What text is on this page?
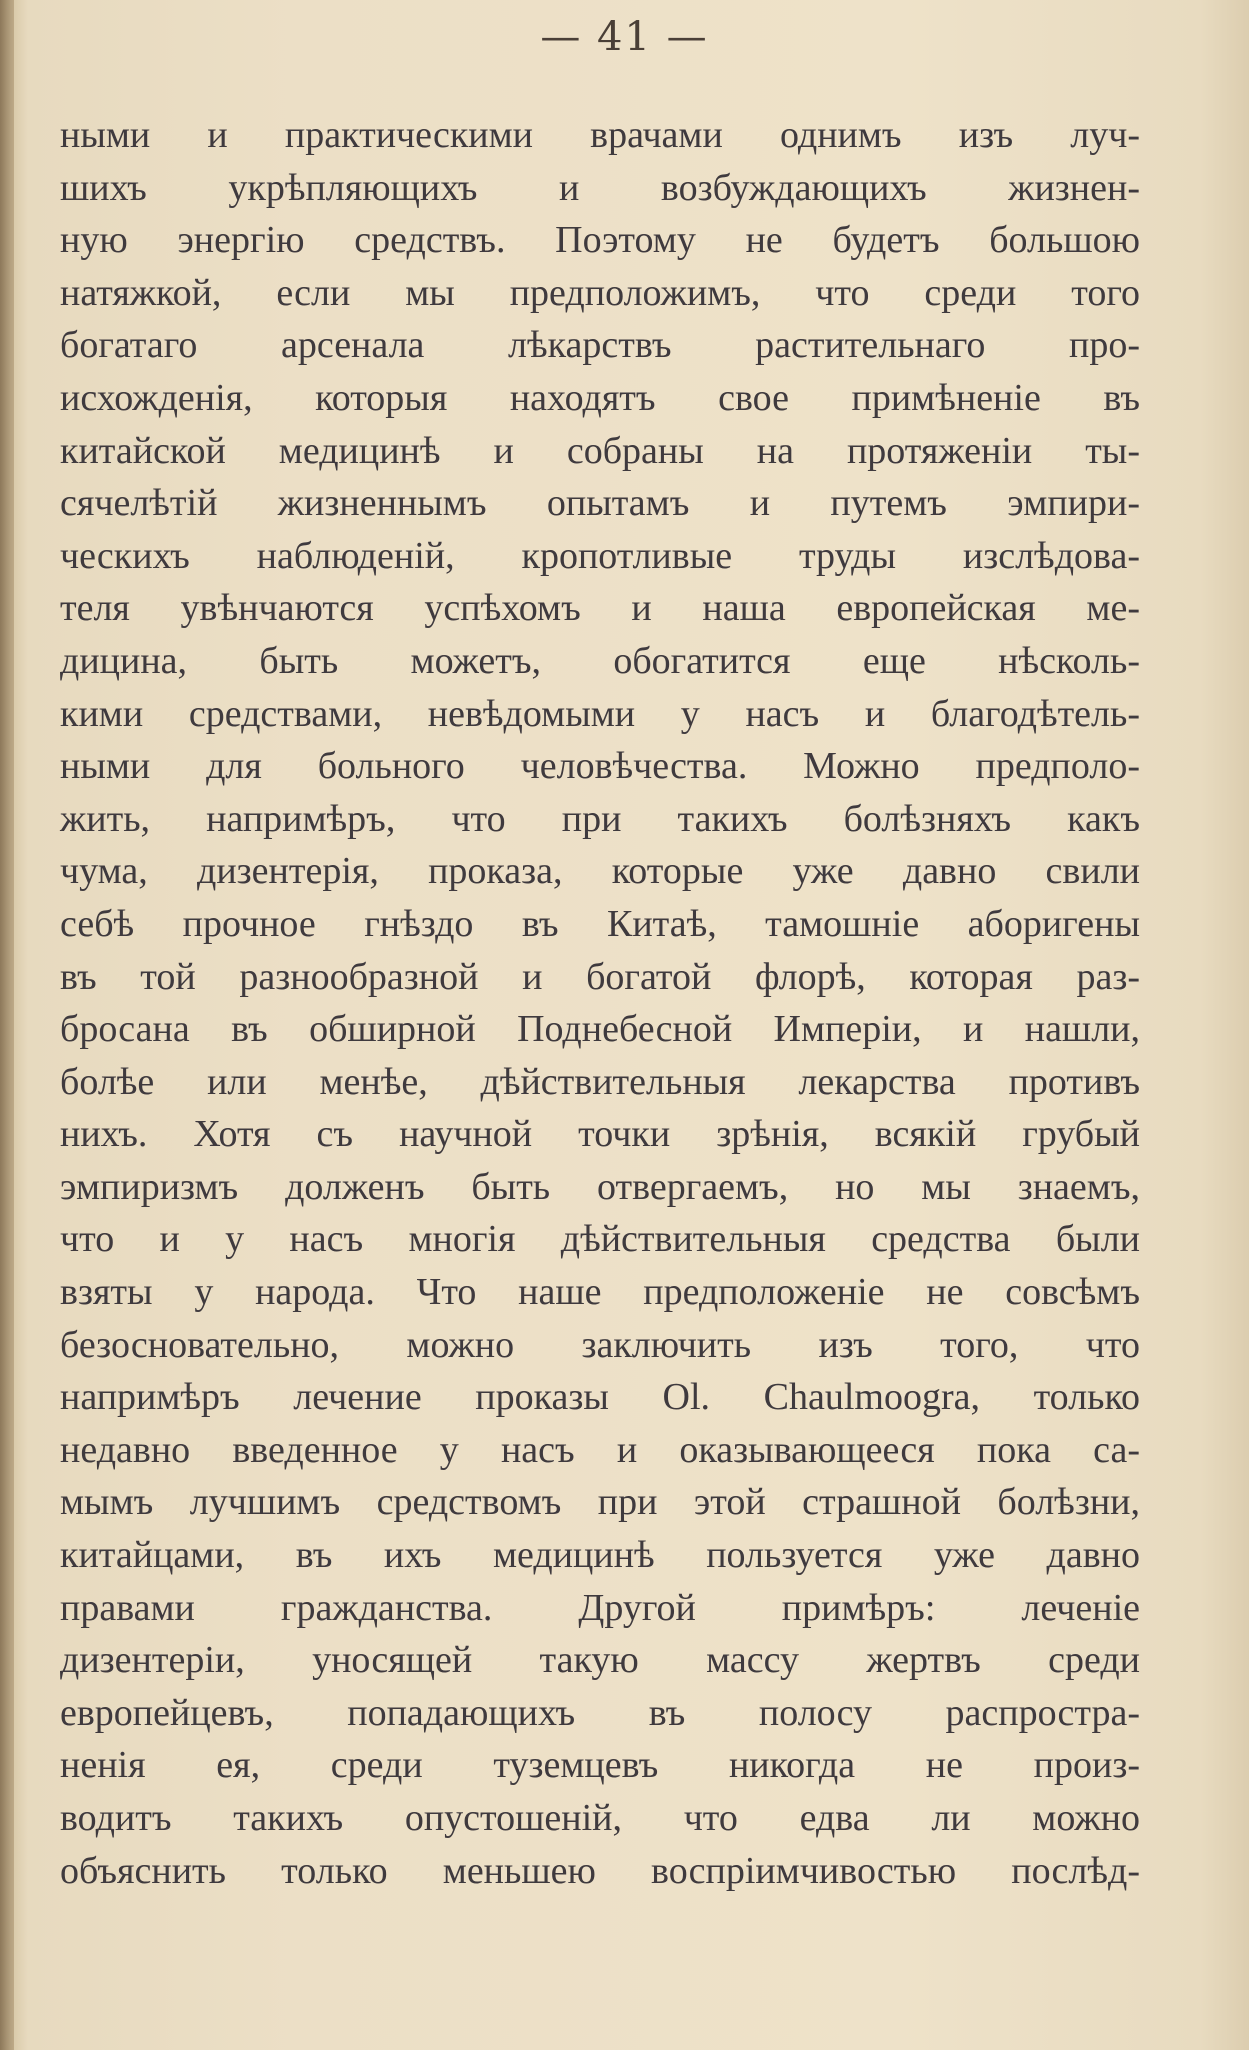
— 41 —
ными и практическими врачами однимъ изъ луч-
шихъ укрѣпляющихъ и возбуждающихъ жизнен-
ную энергію средствъ. Поэтому не будетъ большою
натяжкой, если мы предположимъ, что среди того
богатаго арсенала лѣкарствъ растительнаго про-
исхожденія, которыя находятъ свое примѣненіе въ
китайской медицинѣ и собраны на протяженіи ты-
сячелѣтій жизненнымъ опытамъ и путемъ эмпири-
ческихъ наблюденій, кропотливые труды изслѣдова-
теля увѣнчаются успѣхомъ и наша европейская ме-
дицина, быть можетъ, обогатится еще нѣсколь-
кими средствами, невѣдомыми у насъ и благодѣтель-
ными для больного человѣчества. Можно предполо-
жить, напримѣръ, что при такихъ болѣзняхъ какъ
чума, дизентерія, проказа, которые уже давно свили
себѣ прочное гнѣздо въ Китаѣ, тамошніе аборигены
въ той разнообразной и богатой флорѣ, которая раз-
бросана въ обширной Поднебесной Имперіи, и нашли,
болѣе или менѣе, дѣйствительныя лекарства противъ
нихъ. Хотя съ научной точки зрѣнія, всякій грубый
эмпиризмъ долженъ быть отвергаемъ, но мы знаемъ,
что и у насъ многія дѣйствительныя средства были
взяты у народа. Что наше предположеніе не совсѣмъ
безосновательно, можно заключить изъ того, что
напримѣръ лечение проказы Ol. Chaulmoogra, только
недавно введенное у насъ и оказывающееся пока са-
мымъ лучшимъ средствомъ при этой страшной болѣзни,
китайцами, въ ихъ медицинѣ пользуется уже давно
правами гражданства. Другой примѣръ: леченіе
дизентеріи, уносящей такую массу жертвъ среди
европейцевъ, попадающихъ въ полосу распростра-
ненія ея, среди туземцевъ никогда не произ-
водитъ такихъ опустошеній, что едва ли можно
объяснить только меньшею воспріимчивостью послѣд-
